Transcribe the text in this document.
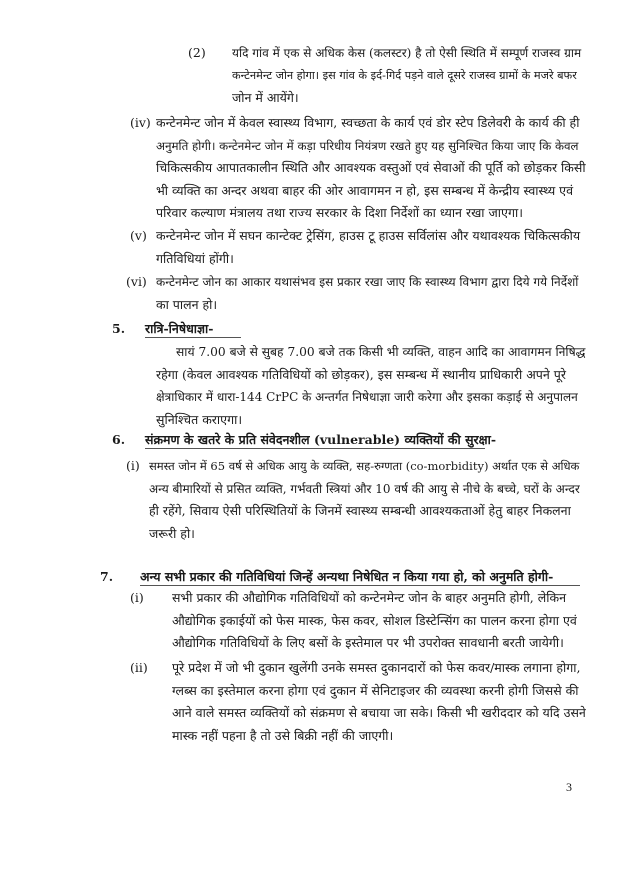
(2) यदि गांव में एक से अधिक केस (कलस्टर) है तो ऐसी स्थिति में सम्पूर्ण राजस्व ग्राम
कन्टेनमेन्ट जोन होगा। इस गांव के इर्द-गिर्द पड़ने वाले दूसरे राजस्व ग्रामों के मजरे बफर
जोन में आयेंगे।
(iv) कन्टेनमेन्ट जोन में केवल स्वास्थ्य विभाग, स्वच्छता के कार्य एवं डोर स्टेप डिलेवरी के कार्य की ही
अनुमति होगी। कन्टेनमेन्ट जोन में कड़ा परिधीय नियंत्रण रखते हुए यह सुनिश्चित किया जाए कि केवल
चिकित्सकीय आपातकालीन स्थिति और आवश्यक वस्तुओं एवं सेवाओं की पूर्ति को छोड़कर किसी
भी व्यक्ति का अन्दर अथवा बाहर की ओर आवागमन न हो, इस सम्बन्ध में केन्द्रीय स्वास्थ्य एवं
परिवार कल्याण मंत्रालय तथा राज्य सरकार के दिशा निर्देशों का ध्यान रखा जाएगा।
(v) कन्टेनमेन्ट जोन में सघन कान्टेक्ट ट्रेसिंग, हाउस टू हाउस सर्विलांस और यथावश्यक चिकित्सकीय
गतिविधियां होंगी।
(vi) कन्टेनमेन्ट जोन का आकार यथासंभव इस प्रकार रखा जाए कि स्वास्थ्य विभाग द्वारा दिये गये निर्देशों
का पालन हो।
5. रात्रि-निषेधाज्ञा-
सायं 7.00 बजे से सुबह 7.00 बजे तक किसी भी व्यक्ति, वाहन आदि का आवागमन निषिद्ध
रहेगा (केवल आवश्यक गतिविधियों को छोड़कर), इस सम्बन्ध में स्थानीय प्राधिकारी अपने पूरे
क्षेत्राधिकार में धारा-144 CrPC के अन्तर्गत निषेधाज्ञा जारी करेगा और इसका कड़ाई से अनुपालन
सुनिश्चित कराएगा।
6. संक्रमण के खतरे के प्रति संवेदनशील (vulnerable) व्यक्तियों की सुरक्षा-
(i) समस्त जोन में 65 वर्ष से अधिक आयु के व्यक्ति, सह-रुग्णता (co-morbidity) अर्थात एक से अधिक
अन्य बीमारियों से प्रसित व्यक्ति, गर्भवती स्त्रियां और 10 वर्ष की आयु से नीचे के बच्चे, घरों के अन्दर
ही रहेंगे, सिवाय ऐसी परिस्थितियों के जिनमें स्वास्थ्य सम्बन्धी आवश्यकताओं हेतु बाहर निकलना
जरूरी हो।
7. अन्य सभी प्रकार की गतिविधियां जिन्हें अन्यथा निषेधित न किया गया हो, को अनुमति होगी-
(i) सभी प्रकार की औद्योगिक गतिविधियों को कन्टेनमेन्ट जोन के बाहर अनुमति होगी, लेकिन
औद्योगिक इकाईयों को फेस मास्क, फेस कवर, सोशल डिस्टेन्सिंग का पालन करना होगा एवं
औद्योगिक गतिविधियों के लिए बसों के इस्तेमाल पर भी उपरोक्त सावधानी बरती जायेगी।
(ii) पूरे प्रदेश में जो भी दुकान खुलेंगी उनके समस्त दुकानदारों को फेस कवर/मास्क लगाना होगा,
ग्लब्स का इस्तेमाल करना होगा एवं दुकान में सेनिटाइजर की व्यवस्था करनी होगी जिससे की
आने वाले समस्त व्यक्तियों को संक्रमण से बचाया जा सके। किसी भी खरीददार को यदि उसने
मास्क नहीं पहना है तो उसे बिक्री नहीं की जाएगी।
3
